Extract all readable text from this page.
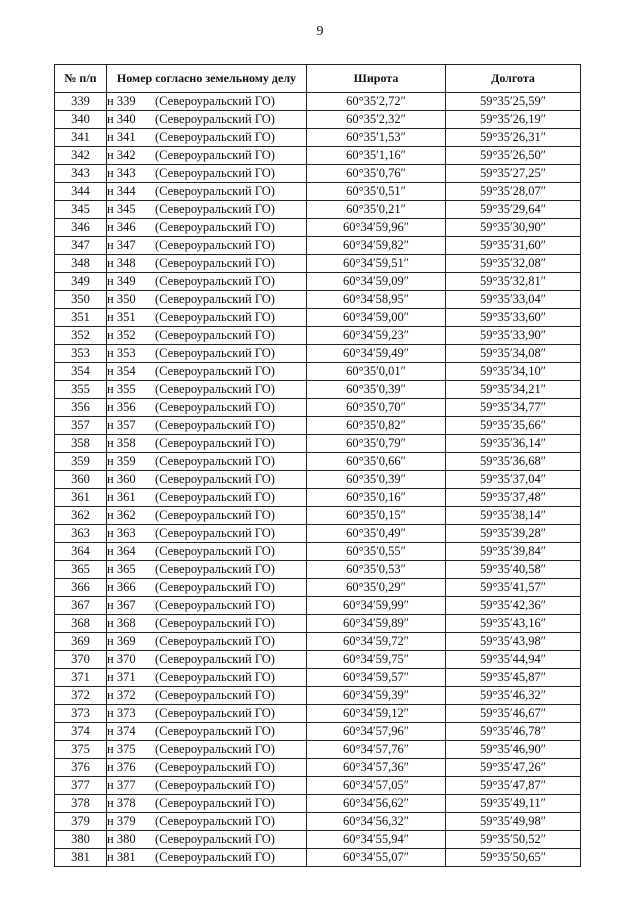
9
№ п/п	Номер согласно земельному делу	Широта	Долгота
339	н 339 (Североуральский ГО)	60°35′2,72″	59°35′25,59″
340	н 340 (Североуральский ГО)	60°35′2,32″	59°35′26,19″
341	н 341 (Североуральский ГО)	60°35′1,53″	59°35′26,31″
342	н 342 (Североуральский ГО)	60°35′1,16″	59°35′26,50″
343	н 343 (Североуральский ГО)	60°35′0,76″	59°35′27,25″
344	н 344 (Североуральский ГО)	60°35′0,51″	59°35′28,07″
345	н 345 (Североуральский ГО)	60°35′0,21″	59°35′29,64″
346	н 346 (Североуральский ГО)	60°34′59,96″	59°35′30,90″
347	н 347 (Североуральский ГО)	60°34′59,82″	59°35′31,60″
348	н 348 (Североуральский ГО)	60°34′59,51″	59°35′32,08″
349	н 349 (Североуральский ГО)	60°34′59,09″	59°35′32,81″
350	н 350 (Североуральский ГО)	60°34′58,95″	59°35′33,04″
351	н 351 (Североуральский ГО)	60°34′59,00″	59°35′33,60″
352	н 352 (Североуральский ГО)	60°34′59,23″	59°35′33,90″
353	н 353 (Североуральский ГО)	60°34′59,49″	59°35′34,08″
354	н 354 (Североуральский ГО)	60°35′0,01″	59°35′34,10″
355	н 355 (Североуральский ГО)	60°35′0,39″	59°35′34,21″
356	н 356 (Североуральский ГО)	60°35′0,70″	59°35′34,77″
357	н 357 (Североуральский ГО)	60°35′0,82″	59°35′35,66″
358	н 358 (Североуральский ГО)	60°35′0,79″	59°35′36,14″
359	н 359 (Североуральский ГО)	60°35′0,66″	59°35′36,68″
360	н 360 (Североуральский ГО)	60°35′0,39″	59°35′37,04″
361	н 361 (Североуральский ГО)	60°35′0,16″	59°35′37,48″
362	н 362 (Североуральский ГО)	60°35′0,15″	59°35′38,14″
363	н 363 (Североуральский ГО)	60°35′0,49″	59°35′39,28″
364	н 364 (Североуральский ГО)	60°35′0,55″	59°35′39,84″
365	н 365 (Североуральский ГО)	60°35′0,53″	59°35′40,58″
366	н 366 (Североуральский ГО)	60°35′0,29″	59°35′41,57″
367	н 367 (Североуральский ГО)	60°34′59,99″	59°35′42,36″
368	н 368 (Североуральский ГО)	60°34′59,89″	59°35′43,16″
369	н 369 (Североуральский ГО)	60°34′59,72″	59°35′43,98″
370	н 370 (Североуральский ГО)	60°34′59,75″	59°35′44,94″
371	н 371 (Североуральский ГО)	60°34′59,57″	59°35′45,87″
372	н 372 (Североуральский ГО)	60°34′59,39″	59°35′46,32″
373	н 373 (Североуральский ГО)	60°34′59,12″	59°35′46,67″
374	н 374 (Североуральский ГО)	60°34′57,96″	59°35′46,78″
375	н 375 (Североуральский ГО)	60°34′57,76″	59°35′46,90″
376	н 376 (Североуральский ГО)	60°34′57,36″	59°35′47,26″
377	н 377 (Североуральский ГО)	60°34′57,05″	59°35′47,87″
378	н 378 (Североуральский ГО)	60°34′56,62″	59°35′49,11″
379	н 379 (Североуральский ГО)	60°34′56,32″	59°35′49,98″
380	н 380 (Североуральский ГО)	60°34′55,94″	59°35′50,52″
381	н 381 (Североуральский ГО)	60°34′55,07″	59°35′50,65″
